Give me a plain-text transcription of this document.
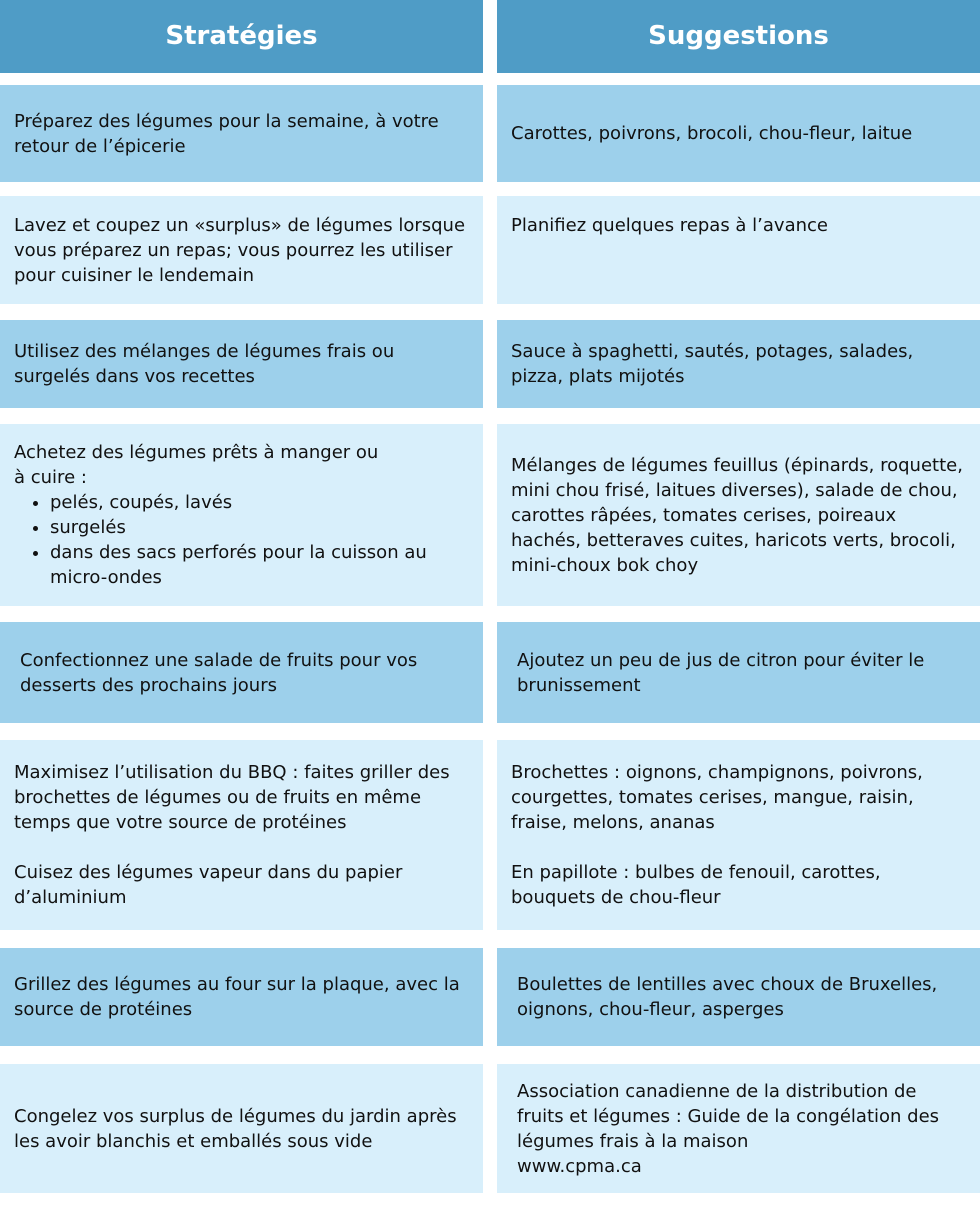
Stratégies	Suggestions

Préparez des légumes pour la semaine, à votre retour de l’épicerie

Carottes, poivrons, brocoli, chou-fleur, laitue

Lavez et coupez un «surplus» de légumes lorsque vous préparez un repas; vous pourrez les utiliser pour cuisiner le lendemain

Planifiez quelques repas à l’avance

Utilisez des mélanges de légumes frais ou surgelés dans vos recettes

Sauce à spaghetti, sautés, potages, salades, pizza, plats mijotés

Achetez des légumes prêts à manger ou à cuire :

• pelés, coupés, lavés
• surgelés
• dans des sacs perforés pour la cuisson au micro-ondes

Mélanges de légumes feuillus (épinards, roquette, mini chou frisé, laitues diverses), salade de chou, carottes râpées, tomates cerises, poireaux hachés, betteraves cuites, haricots verts, brocoli, mini-choux bok choy

Confectionnez une salade de fruits pour vos desserts des prochains jours

Ajoutez un peu de jus de citron pour éviter le brunissement

Maximisez l’utilisation du BBQ : faites griller des brochettes de légumes ou de fruits en même temps que votre source de protéines

Cuisez des légumes vapeur dans du papier d’aluminium

Brochettes : oignons, champignons, poivrons, courgettes, tomates cerises, mangue, raisin, fraise, melons, ananas

En papillote : bulbes de fenouil, carottes, bouquets de chou-fleur

Grillez des légumes au four sur la plaque, avec la source de protéines

Boulettes de lentilles avec choux de Bruxelles, oignons, chou-fleur, asperges

Congelez vos surplus de légumes du jardin après les avoir blanchis et emballés sous vide

Association canadienne de la distribution de fruits et légumes : Guide de la congélation des légumes frais à la maison

www.cpma.ca
